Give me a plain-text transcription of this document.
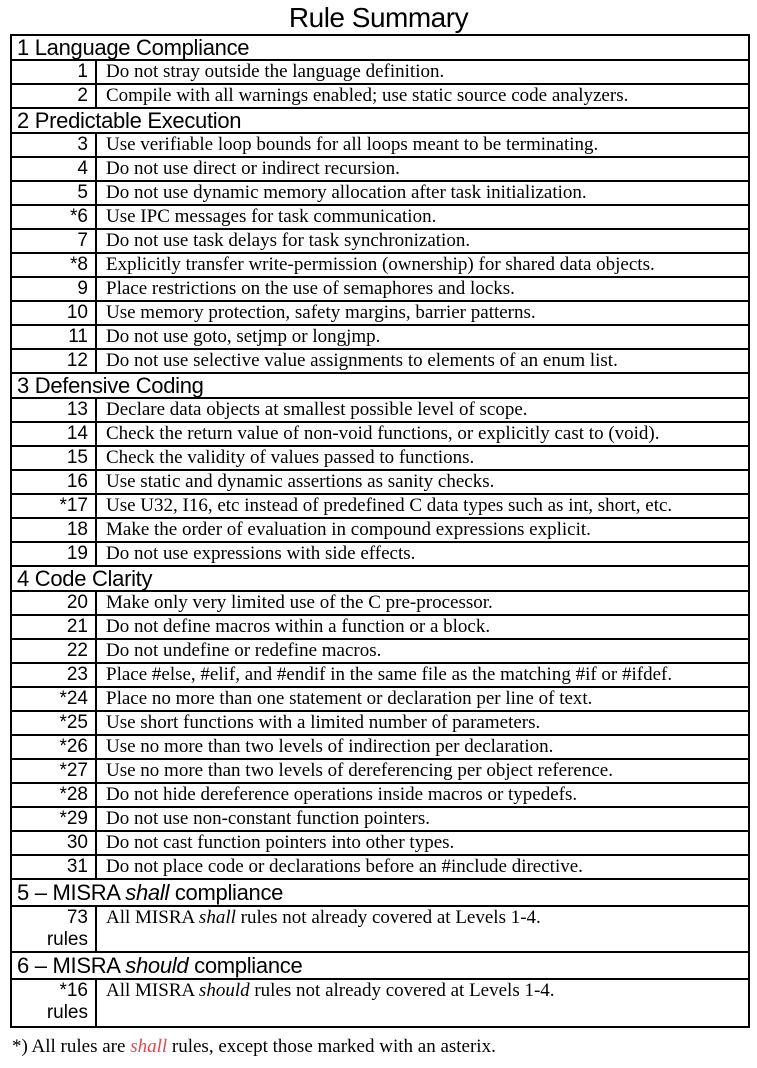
Rule Summary
1 Language Compliance
1 Do not stray outside the language definition.
2 Compile with all warnings enabled; use static source code analyzers.
2 Predictable Execution
3 Use verifiable loop bounds for all loops meant to be terminating.
4 Do not use direct or indirect recursion.
5 Do not use dynamic memory allocation after task initialization.
*6 Use IPC messages for task communication.
7 Do not use task delays for task synchronization.
*8 Explicitly transfer write-permission (ownership) for shared data objects.
9 Place restrictions on the use of semaphores and locks.
10 Use memory protection, safety margins, barrier patterns.
11 Do not use goto, setjmp or longjmp.
12 Do not use selective value assignments to elements of an enum list.
3 Defensive Coding
13 Declare data objects at smallest possible level of scope.
14 Check the return value of non-void functions, or explicitly cast to (void).
15 Check the validity of values passed to functions.
16 Use static and dynamic assertions as sanity checks.
*17 Use U32, I16, etc instead of predefined C data types such as int, short, etc.
18 Make the order of evaluation in compound expressions explicit.
19 Do not use expressions with side effects.
4 Code Clarity
20 Make only very limited use of the C pre-processor.
21 Do not define macros within a function or a block.
22 Do not undefine or redefine macros.
23 Place #else, #elif, and #endif in the same file as the matching #if or #ifdef.
*24 Place no more than one statement or declaration per line of text.
*25 Use short functions with a limited number of parameters.
*26 Use no more than two levels of indirection per declaration.
*27 Use no more than two levels of dereferencing per object reference.
*28 Do not hide dereference operations inside macros or typedefs.
*29 Do not use non-constant function pointers.
30 Do not cast function pointers into other types.
31 Do not place code or declarations before an #include directive.
5 – MISRA shall compliance
73
rules
All MISRA shall rules not already covered at Levels 1-4.
6 – MISRA should compliance
*16
rules
All MISRA should rules not already covered at Levels 1-4.
*) All rules are shall rules, except those marked with an asterix.
